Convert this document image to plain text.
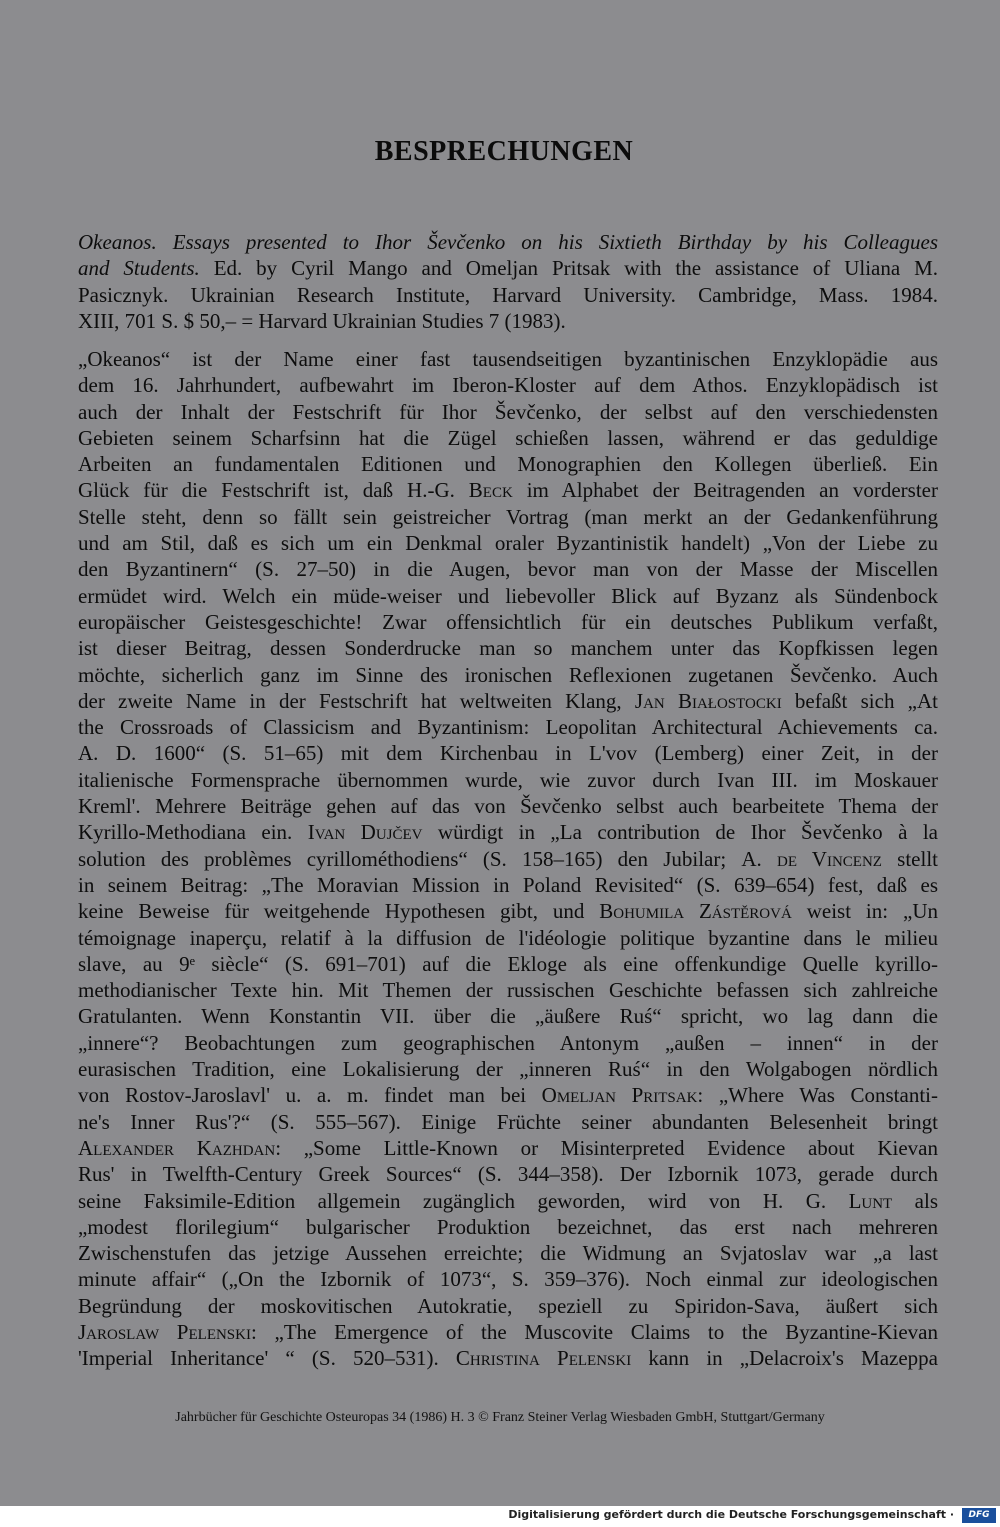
BESPRECHUNGEN
Okeanos. Essays presented to Ihor Ševčenko on his Sixtieth Birthday by his Colleagues
and Students. Ed. by Cyril Mango and Omeljan Pritsak with the assistance of Uliana M.
Pasicznyk. Ukrainian Research Institute, Harvard University. Cambridge, Mass. 1984.
XIII, 701 S. $ 50,– = Harvard Ukrainian Studies 7 (1983).
„Okeanos“ ist der Name einer fast tausendseitigen byzantinischen Enzyklopädie aus
dem 16. Jahrhundert, aufbewahrt im Iberon-Kloster auf dem Athos. Enzyklopädisch ist
auch der Inhalt der Festschrift für Ihor Ševčenko, der selbst auf den verschiedensten
Gebieten seinem Scharfsinn hat die Zügel schießen lassen, während er das geduldige
Arbeiten an fundamentalen Editionen und Monographien den Kollegen überließ. Ein
Glück für die Festschrift ist, daß H.-G. Beck im Alphabet der Beitragenden an vorderster
Stelle steht, denn so fällt sein geistreicher Vortrag (man merkt an der Gedankenführung
und am Stil, daß es sich um ein Denkmal oraler Byzantinistik handelt) „Von der Liebe zu
den Byzantinern“ (S. 27–50) in die Augen, bevor man von der Masse der Miscellen
ermüdet wird. Welch ein müde-weiser und liebevoller Blick auf Byzanz als Sündenbock
europäischer Geistesgeschichte! Zwar offensichtlich für ein deutsches Publikum verfaßt,
ist dieser Beitrag, dessen Sonderdrucke man so manchem unter das Kopfkissen legen
möchte, sicherlich ganz im Sinne des ironischen Reflexionen zugetanen Ševčenko. Auch
der zweite Name in der Festschrift hat weltweiten Klang, Jan Białostocki befaßt sich „At
the Crossroads of Classicism and Byzantinism: Leopolitan Architectural Achievements ca.
A. D. 1600“ (S. 51–65) mit dem Kirchenbau in L'vov (Lemberg) einer Zeit, in der
italienische Formensprache übernommen wurde, wie zuvor durch Ivan III. im Moskauer
Kreml'. Mehrere Beiträge gehen auf das von Ševčenko selbst auch bearbeitete Thema der
Kyrillo-Methodiana ein. Ivan Dujčev würdigt in „La contribution de Ihor Ševčenko à la
solution des problèmes cyrillométhodiens“ (S. 158–165) den Jubilar; A. de Vincenz stellt
in seinem Beitrag: „The Moravian Mission in Poland Revisited“ (S. 639–654) fest, daß es
keine Beweise für weitgehende Hypothesen gibt, und Bohumila Zástěrová weist in: „Un
témoignage inaperçu, relatif à la diffusion de l'idéologie politique byzantine dans le milieu
slave, au 9ᵉ siècle“ (S. 691–701) auf die Ekloge als eine offenkundige Quelle kyrillo-
methodianischer Texte hin. Mit Themen der russischen Geschichte befassen sich zahlreiche
Gratulanten. Wenn Konstantin VII. über die „äußere Ruś“ spricht, wo lag dann die
„innere“? Beobachtungen zum geographischen Antonym „außen – innen“ in der
eurasischen Tradition, eine Lokalisierung der „inneren Ruś“ in den Wolgabogen nördlich
von Rostov-Jaroslavl' u. a. m. findet man bei Omeljan Pritsak: „Where Was Constanti-
ne's Inner Rus'?“ (S. 555–567). Einige Früchte seiner abundanten Belesenheit bringt
Alexander Kazhdan: „Some Little-Known or Misinterpreted Evidence about Kievan
Rus' in Twelfth-Century Greek Sources“ (S. 344–358). Der Izbornik 1073, gerade durch
seine Faksimile-Edition allgemein zugänglich geworden, wird von H. G. Lunt als
„modest florilegium“ bulgarischer Produktion bezeichnet, das erst nach mehreren
Zwischenstufen das jetzige Aussehen erreichte; die Widmung an Svjatoslav war „a last
minute affair“ („On the Izbornik of 1073“, S. 359–376). Noch einmal zur ideologischen
Begründung der moskovitischen Autokratie, speziell zu Spiridon-Sava, äußert sich
Jaroslaw Pelenski: „The Emergence of the Muscovite Claims to the Byzantine-Kievan
'Imperial Inheritance' “ (S. 520–531). Christina Pelenski kann in „Delacroix's Mazeppa
Jahrbücher für Geschichte Osteuropas 34 (1986) H. 3 © Franz Steiner Verlag Wiesbaden GmbH, Stuttgart/Germany
Digitalisierung gefördert durch die Deutsche Forschungsgemeinschaft ·	DFG
